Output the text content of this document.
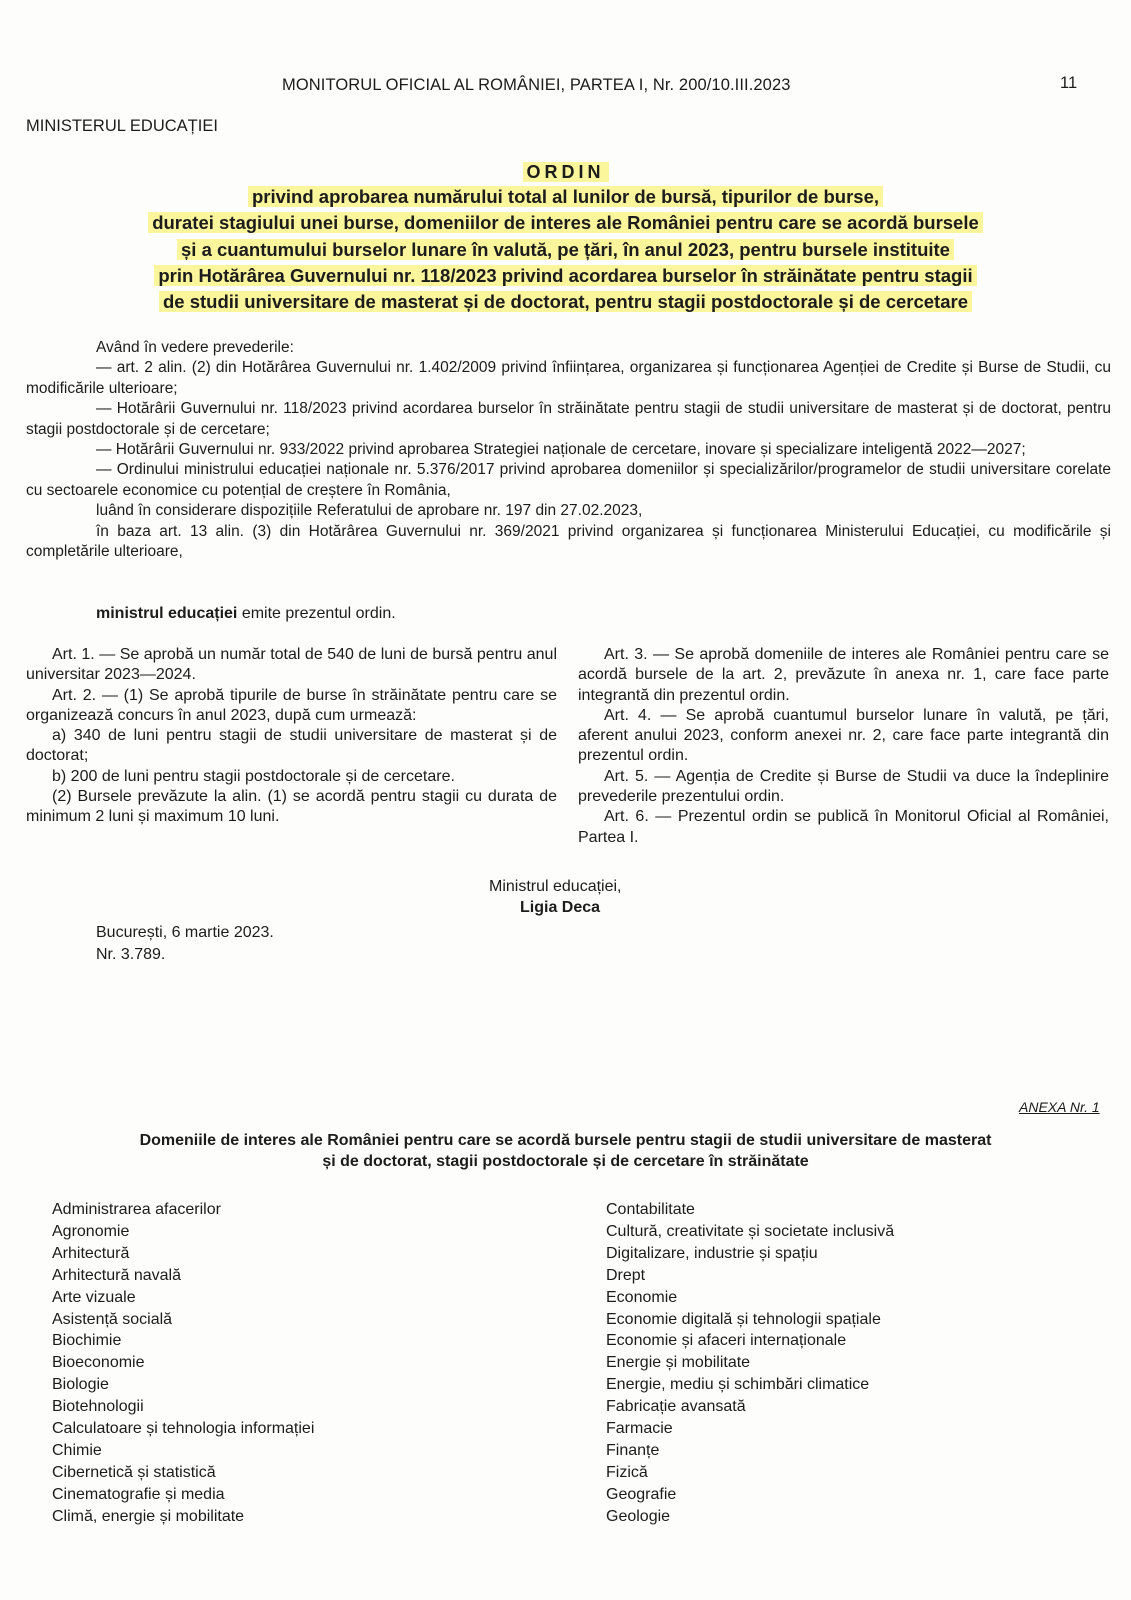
MONITORUL OFICIAL AL ROMÂNIEI, PARTEA I, Nr. 200/10.III.2023	11
MINISTERUL EDUCAȚIEI
ORDIN
privind aprobarea numărului total al lunilor de bursă, tipurilor de burse,
duratei stagiului unei burse, domeniilor de interes ale României pentru care se acordă bursele
și a cuantumului burselor lunare în valută, pe țări, în anul 2023, pentru bursele instituite
prin Hotărârea Guvernului nr. 118/2023 privind acordarea burselor în străinătate pentru stagii
de studii universitare de masterat și de doctorat, pentru stagii postdoctorale și de cercetare

Având în vedere prevederile:

— art. 2 alin. (2) din Hotărârea Guvernului nr. 1.402/2009 privind înființarea, organizarea și funcționarea Agenției de Credite și Burse de Studii, cu modificările ulterioare;

— Hotărârii Guvernului nr. 118/2023 privind acordarea burselor în străinătate pentru stagii de studii universitare de masterat și de doctorat, pentru stagii postdoctorale și de cercetare;

— Hotărârii Guvernului nr. 933/2022 privind aprobarea Strategiei naționale de cercetare, inovare și specializare inteligentă 2022—2027;

— Ordinului ministrului educației naționale nr. 5.376/2017 privind aprobarea domeniilor și specializărilor/programelor de studii universitare corelate cu sectoarele economice cu potențial de creștere în România,

luând în considerare dispozițiile Referatului de aprobare nr. 197 din 27.02.2023,

în baza art. 13 alin. (3) din Hotărârea Guvernului nr. 369/2021 privind organizarea și funcționarea Ministerului Educației, cu modificările și completările ulterioare,

ministrul educației emite prezentul ordin.

Art. 1. — Se aprobă un număr total de 540 de luni de bursă pentru anul universitar 2023—2024.

Art. 2. — (1) Se aprobă tipurile de burse în străinătate pentru care se organizează concurs în anul 2023, după cum urmează:

a) 340 de luni pentru stagii de studii universitare de masterat și de doctorat;

b) 200 de luni pentru stagii postdoctorale și de cercetare.

(2) Bursele prevăzute la alin. (1) se acordă pentru stagii cu durata de minimum 2 luni și maximum 10 luni.

Art. 3. — Se aprobă domeniile de interes ale României pentru care se acordă bursele de la art. 2, prevăzute în anexa nr. 1, care face parte integrantă din prezentul ordin.

Art. 4. — Se aprobă cuantumul burselor lunare în valută, pe țări, aferent anului 2023, conform anexei nr. 2, care face parte integrantă din prezentul ordin.

Art. 5. — Agenția de Credite și Burse de Studii va duce la îndeplinire prevederile prezentului ordin.

Art. 6. — Prezentul ordin se publică în Monitorul Oficial al României, Partea I.

Ministrul educației,
Ligia Deca
București, 6 martie 2023.
Nr. 3.789.
ANEXA Nr. 1
Domeniile de interes ale României pentru care se acordă bursele pentru stagii de studii universitare de masterat
și de doctorat, stagii postdoctorale și de cercetare în străinătate
Administrarea afacerilor
Agronomie
Arhitectură
Arhitectură navală
Arte vizuale
Asistență socială
Biochimie
Bioeconomie
Biologie
Biotehnologii
Calculatoare și tehnologia informației
Chimie
Cibernetică și statistică
Cinematografie și media
Climă, energie și mobilitate
Contabilitate
Cultură, creativitate și societate inclusivă
Digitalizare, industrie și spațiu
Drept
Economie
Economie digitală și tehnologii spațiale
Economie și afaceri internaționale
Energie și mobilitate
Energie, mediu și schimbări climatice
Fabricație avansată
Farmacie
Finanțe
Fizică
Geografie
Geologie
